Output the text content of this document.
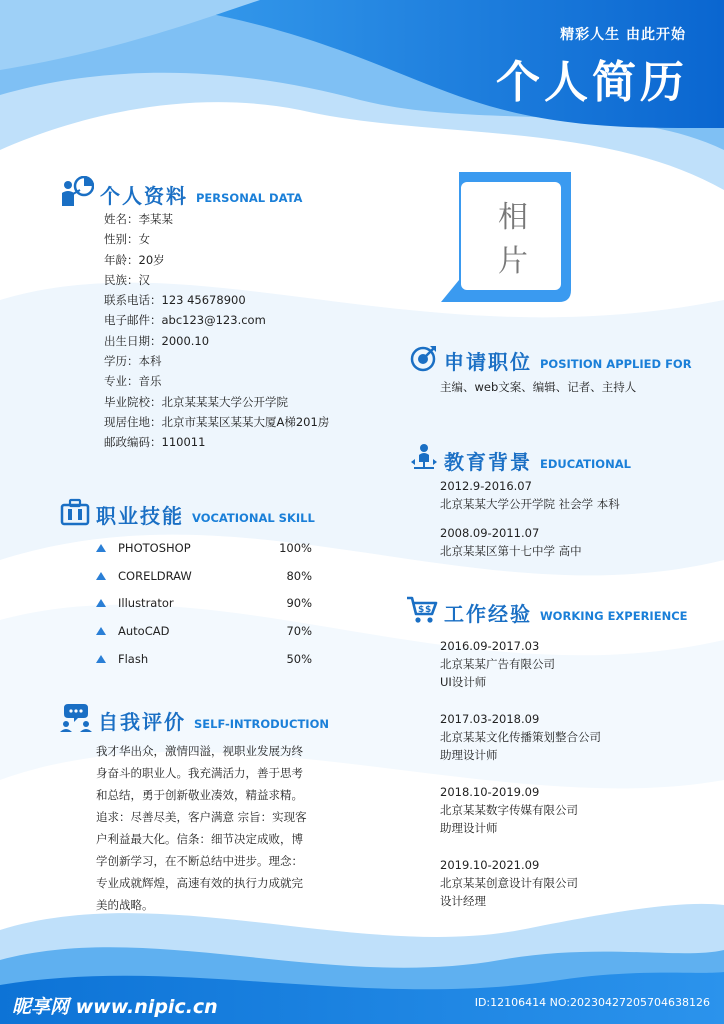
精彩人生 由此开始
个人简历
个人资料 PERSONAL DATA
姓名 ： 李某某
性别 ： 女
年龄 ： 20岁
民族 ： 汉
联系电话 ： 123 45678900
电子邮件 ： abc123@123.com
出生日期 ： 2000.10
学历 ： 本科
专业 ： 音乐
毕业院校 ： 北京某某某大学公开学院
现居住地 ： 北京市某某区某某大厦A梯201房
邮政编码 ： 110011
职业技能 VOCATIONAL SKILL
PHOTOSHOP	100%
CORELDRAW	80%
Illustrator	90%
AutoCAD	70%
Flash	50%
自我评价 SELF-INTRODUCTION
我才华出众，激情四溢，视职业发展为终
身奋斗的职业人。我充满活力，善于思考
和总结，勇于创新敬业凑效，精益求精。
追求：尽善尽美，客户满意 宗旨：实现客
户利益最大化。信条：细节决定成败，博
学创新学习，在不断总结中进步。理念：
专业成就辉煌，高速有效的执行力成就完
美的战略。
相
片
申请职位 POSITION APPLIED FOR
主编、web文案、编辑、记者、主持人
教育背景 EDUCATIONAL
2012.9-2016.07
北京某某大学公开学院 社会学 本科
2008.09-2011.07
北京某某区第十七中学 高中
$ $ 工作经验 WORKING EXPERIENCE
2016.09-2017.03
北京某某广告有限公司
UI设计师
2017.03-2018.09
北京某某文化传播策划整合公司
助理设计师
2018.10-2019.09
北京某某数字传媒有限公司
助理设计师
2019.10-2021.09
北京某某创意设计有限公司
设计经理
昵享网 www.nipic.cn	ID:12106414 NO:20230427205704638126
